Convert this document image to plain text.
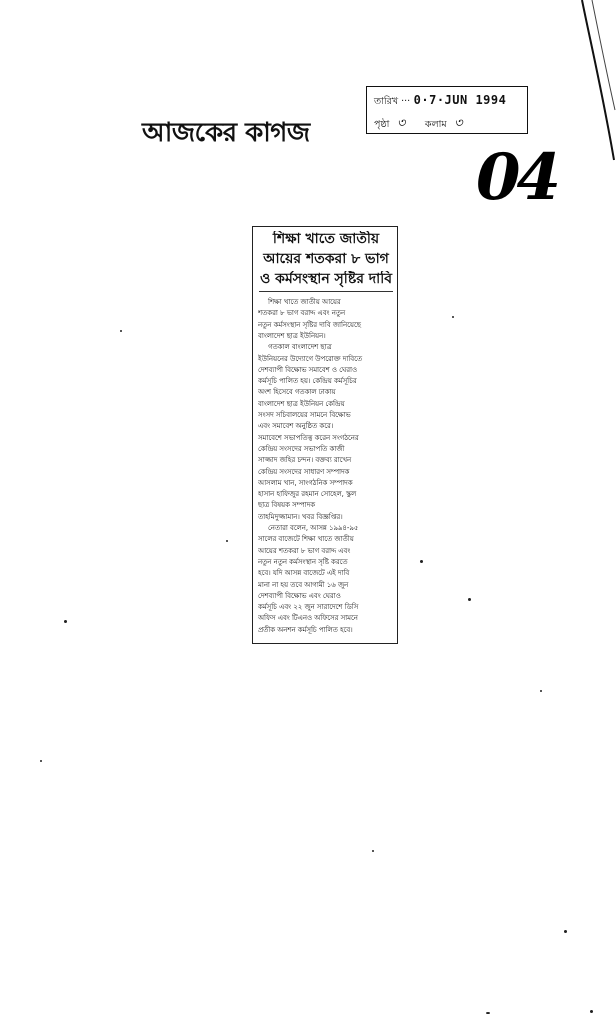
আজকের কাগজ
তারিখ ··· 0·7·JUN 1994
পৃষ্ঠা ৩ কলাম ৩
04
শিক্ষা খাতে জাতীয়
আয়ের শতকরা ৮ ভাগ
ও কর্মসংস্থান সৃষ্টির দাবি
শিক্ষা খাতে জাতীয় আয়ের
শতকরা ৮ ভাগ বরাদ্দ এবং নতুন
নতুন কর্মসংস্থান সৃষ্টির দাবি জানিয়েছে
বাংলাদেশ ছাত্র ইউনিয়ন।
গতকাল বাংলাদেশ ছাত্র
ইউনিয়নের উদ্যোগে উপরোক্ত দাবিতে
দেশব্যাপী বিক্ষোভ সমাবেশ ও ঘেরাও
কর্মসূচি পালিত হয়। কেন্দ্রিয় কর্মসূচির
অংশ হিসেবে গতকাল ঢাকায়
বাংলাদেশ ছাত্র ইউনিয়ন কেন্দ্রিয়
সংসদ সচিবালয়ের সামনে বিক্ষোভ
এবং সমাবেশ অনুষ্ঠিত করে।
সমাবেশে সভাপতিত্ব করেন সংগঠনের
কেন্দ্রিয় সংসদের সভাপতি কাজী
সাজ্জাদ জহির চন্দন। বক্তব্য রাখেন
কেন্দ্রিয় সংসদের সাধারণ সম্পাদক
আসলাম খান, সাংগঠনিক সম্পাদক
হাসান হাফিজুর রহমান সোহেল, স্কুল
ছাত্র বিষয়ক সম্পাদক
তাহমিদুজ্জামান। খবর বিজ্ঞপ্তির।
নেতারা বলেন, আসন্ন ১৯৯৪-৯৫
সালের বাজেটে শিক্ষা খাতে জাতীয়
আয়ের শতকরা ৮ ভাগ বরাদ্দ এবং
নতুন নতুন কর্মসংস্থান সৃষ্টি করতে
হবে। যদি আসন্ন বাজেটে এই দাবি
মানা না হয় তবে আগামী ১৬ জুন
দেশব্যাপী বিক্ষোভ এবং ঘেরাও
কর্মসূচি এবং ২২ জুন সারাদেশে ডিসি
অফিস এবং টিএনও অফিসের সামনে
প্রতীক অনশন কর্মসূচি পালিত হবে।
